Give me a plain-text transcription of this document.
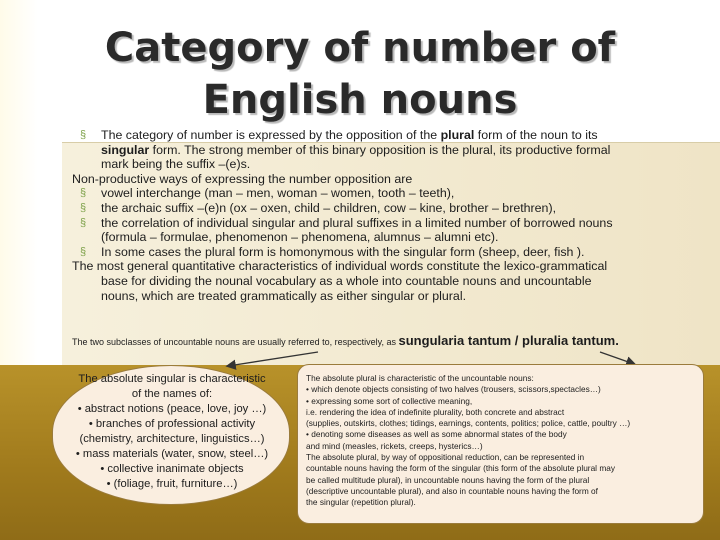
Category of number of
English nouns
§ The category of number is expressed by the opposition of the plural form of the noun to its
singular form. The strong member of this binary opposition is the plural, its productive formal
mark being the suffix –(e)s.
Non-productive ways of expressing the number opposition are
§ vowel interchange (man – men, woman – women, tooth – teeth),
§ the archaic suffix –(e)n (ox – oxen, child – children, cow – kine, brother – brethren),
§ the correlation of individual singular and plural suffixes in a limited number of borrowed nouns
(formula – formulae, phenomenon – phenomena, alumnus – alumni etc).
§ In some cases the plural form is homonymous with the singular form (sheep, deer, fish ).
The most general quantitative characteristics of individual words constitute the lexico-grammatical
base for dividing the nounal vocabulary as a whole into countable nouns and uncountable
nouns, which are treated grammatically as either singular or plural.
The two subclasses of uncountable nouns are usually referred to, respectively, as sungularia tantum / pluralia tantum.
The absolute singular is characteristic
of the names of:
• abstract notions (peace, love, joy …)
• branches of professional activity
(chemistry, architecture, linguistics…)
• mass materials (water, snow, steel…)
• collective inanimate objects
• (foliage, fruit, furniture…)
The absolute plural is characteristic of the uncountable nouns:
• which denote objects consisting of two halves (trousers, scissors,spectacles…)
• expressing some sort of collective meaning,
i.e. rendering the idea of indefinite plurality, both concrete and abstract
(supplies, outskirts, clothes; tidings, earnings, contents, politics; police, cattle, poultry …)
• denoting some diseases as well as some abnormal states of the body
and mind (measles, rickets, creeps, hysterics…)
The absolute plural, by way of oppositional reduction, can be represented in
countable nouns having the form of the singular (this form of the absolute plural may
be called multitude plural), in uncountable nouns having the form of the plural
(descriptive uncountable plural), and also in countable nouns having the form of
the singular (repetition plural).
